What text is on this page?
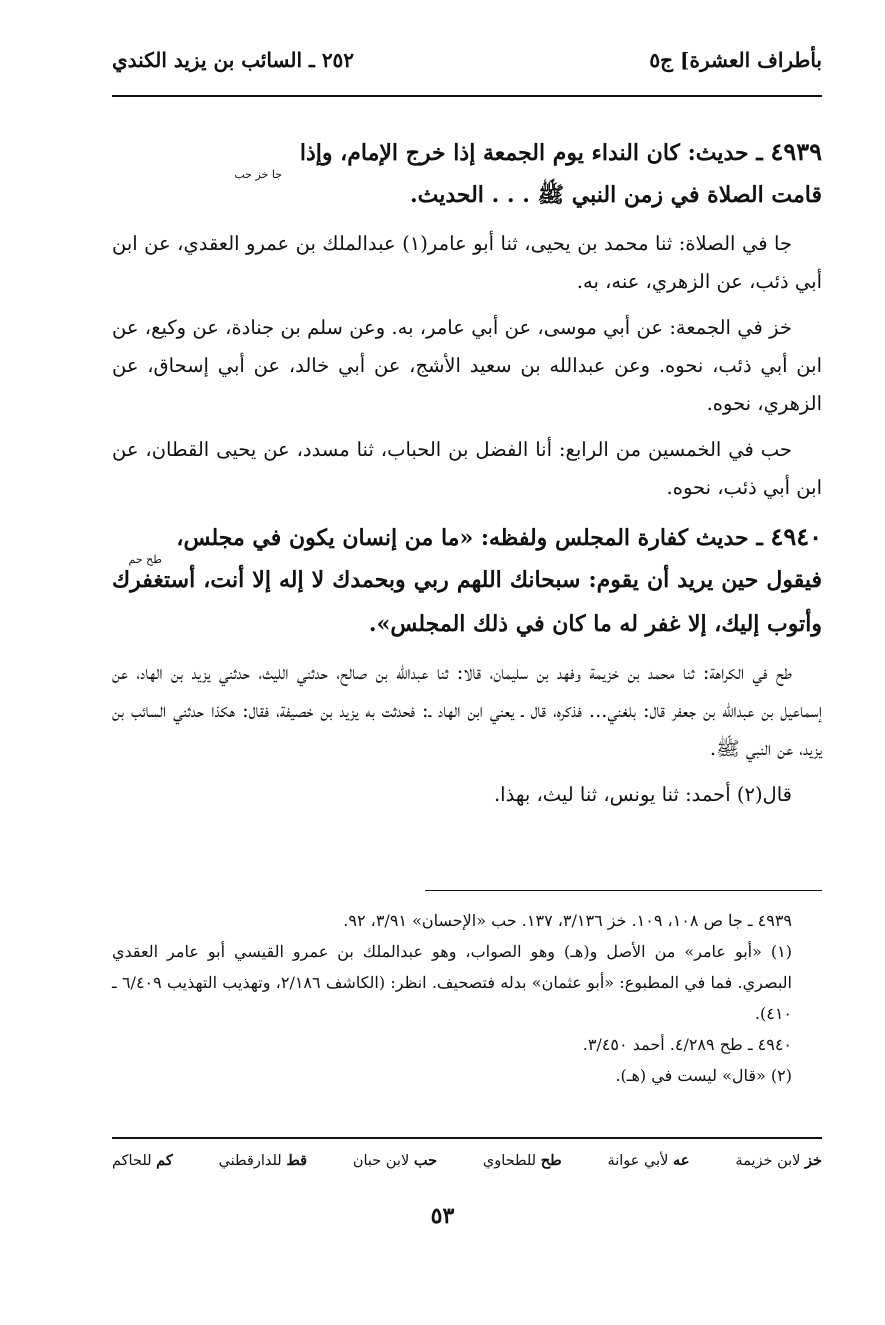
بأطراف العشرة] ج٥
٢٥٢ ـ السائب بن يزيد الكندي
٤٩٣٩ ـ حديث: كان النداء يوم الجمعة إذا خرج الإمام، وإذا
جا خز حب
قامت الصلاة في زمن النبي ﷺ . . . الحديث.

جا في الصلاة: ثنا محمد بن يحيى، ثنا أبو عامر(١) عبدالملك بن عمرو العقدي، عن ابن أبي ذئب، عن الزهري، عنه، به.

خز في الجمعة: عن أبي موسى، عن أبي عامر، به. وعن سلم بن جنادة، عن وكيع، عن ابن أبي ذئب، نحوه. وعن عبدالله بن سعيد الأشج، عن أبي خالد، عن أبي إسحاق، عن الزهري، نحوه.

حب في الخمسين من الرابع: أنا الفضل بن الحباب، ثنا مسدد، عن يحيى القطان، عن ابن أبي ذئب، نحوه.

٤٩٤٠ ـ حديث كفارة المجلس ولفظه: «ما من إنسان يكون في مجلس،
طح حم
فيقول حين يريد أن يقوم: سبحانك اللهم ربي وبحمدك لا إله إلا أنت، أستغفرك وأتوب إليك، إلا غفر له ما كان في ذلك المجلس».

طح في الكراهة: ثنا محمد بن خزيمة وفهد بن سليمان، قالا: ثنا عبدالله بن صالح، حدثني الليث، حدثني يزيد بن الهاد، عن إسماعيل بن عبدالله بن جعفر قال: بلغني... فذكره، قال ـ يعني ابن الهاد ـ: فحدثت به يزيد بن خصيفة، فقال: هكذا حدثني السائب بن يزيد، عن النبي ﷺ.

قال(٢) أحمد: ثنا يونس، ثنا ليث، بهذا.

٤٩٣٩ ـ جا ص ١٠٨، ١٠٩. خز ٣/١٣٦، ١٣٧. حب «الإحسان» ٣/٩١، ٩٢.

(١) «أبو عامر» من الأصل و(هـ) وهو الصواب، وهو عبدالملك بن عمرو القيسي أبو عامر العقدي البصري. فما في المطبوع: «أبو عثمان» بدله فتصحيف. انظر: (الكاشف ٢/١٨٦، وتهذيب التهذيب ٦/٤٠٩ ـ ٤١٠).

٤٩٤٠ ـ طح ٤/٢٨٩. أحمد ٣/٤٥٠.

(٢) «قال» ليست في (هـ).

خز لابن خزيمة
عه لأبي عوانة
طح للطحاوي
حب لابن حبان
قط للدارقطني
كم للحاكم
٥٣
